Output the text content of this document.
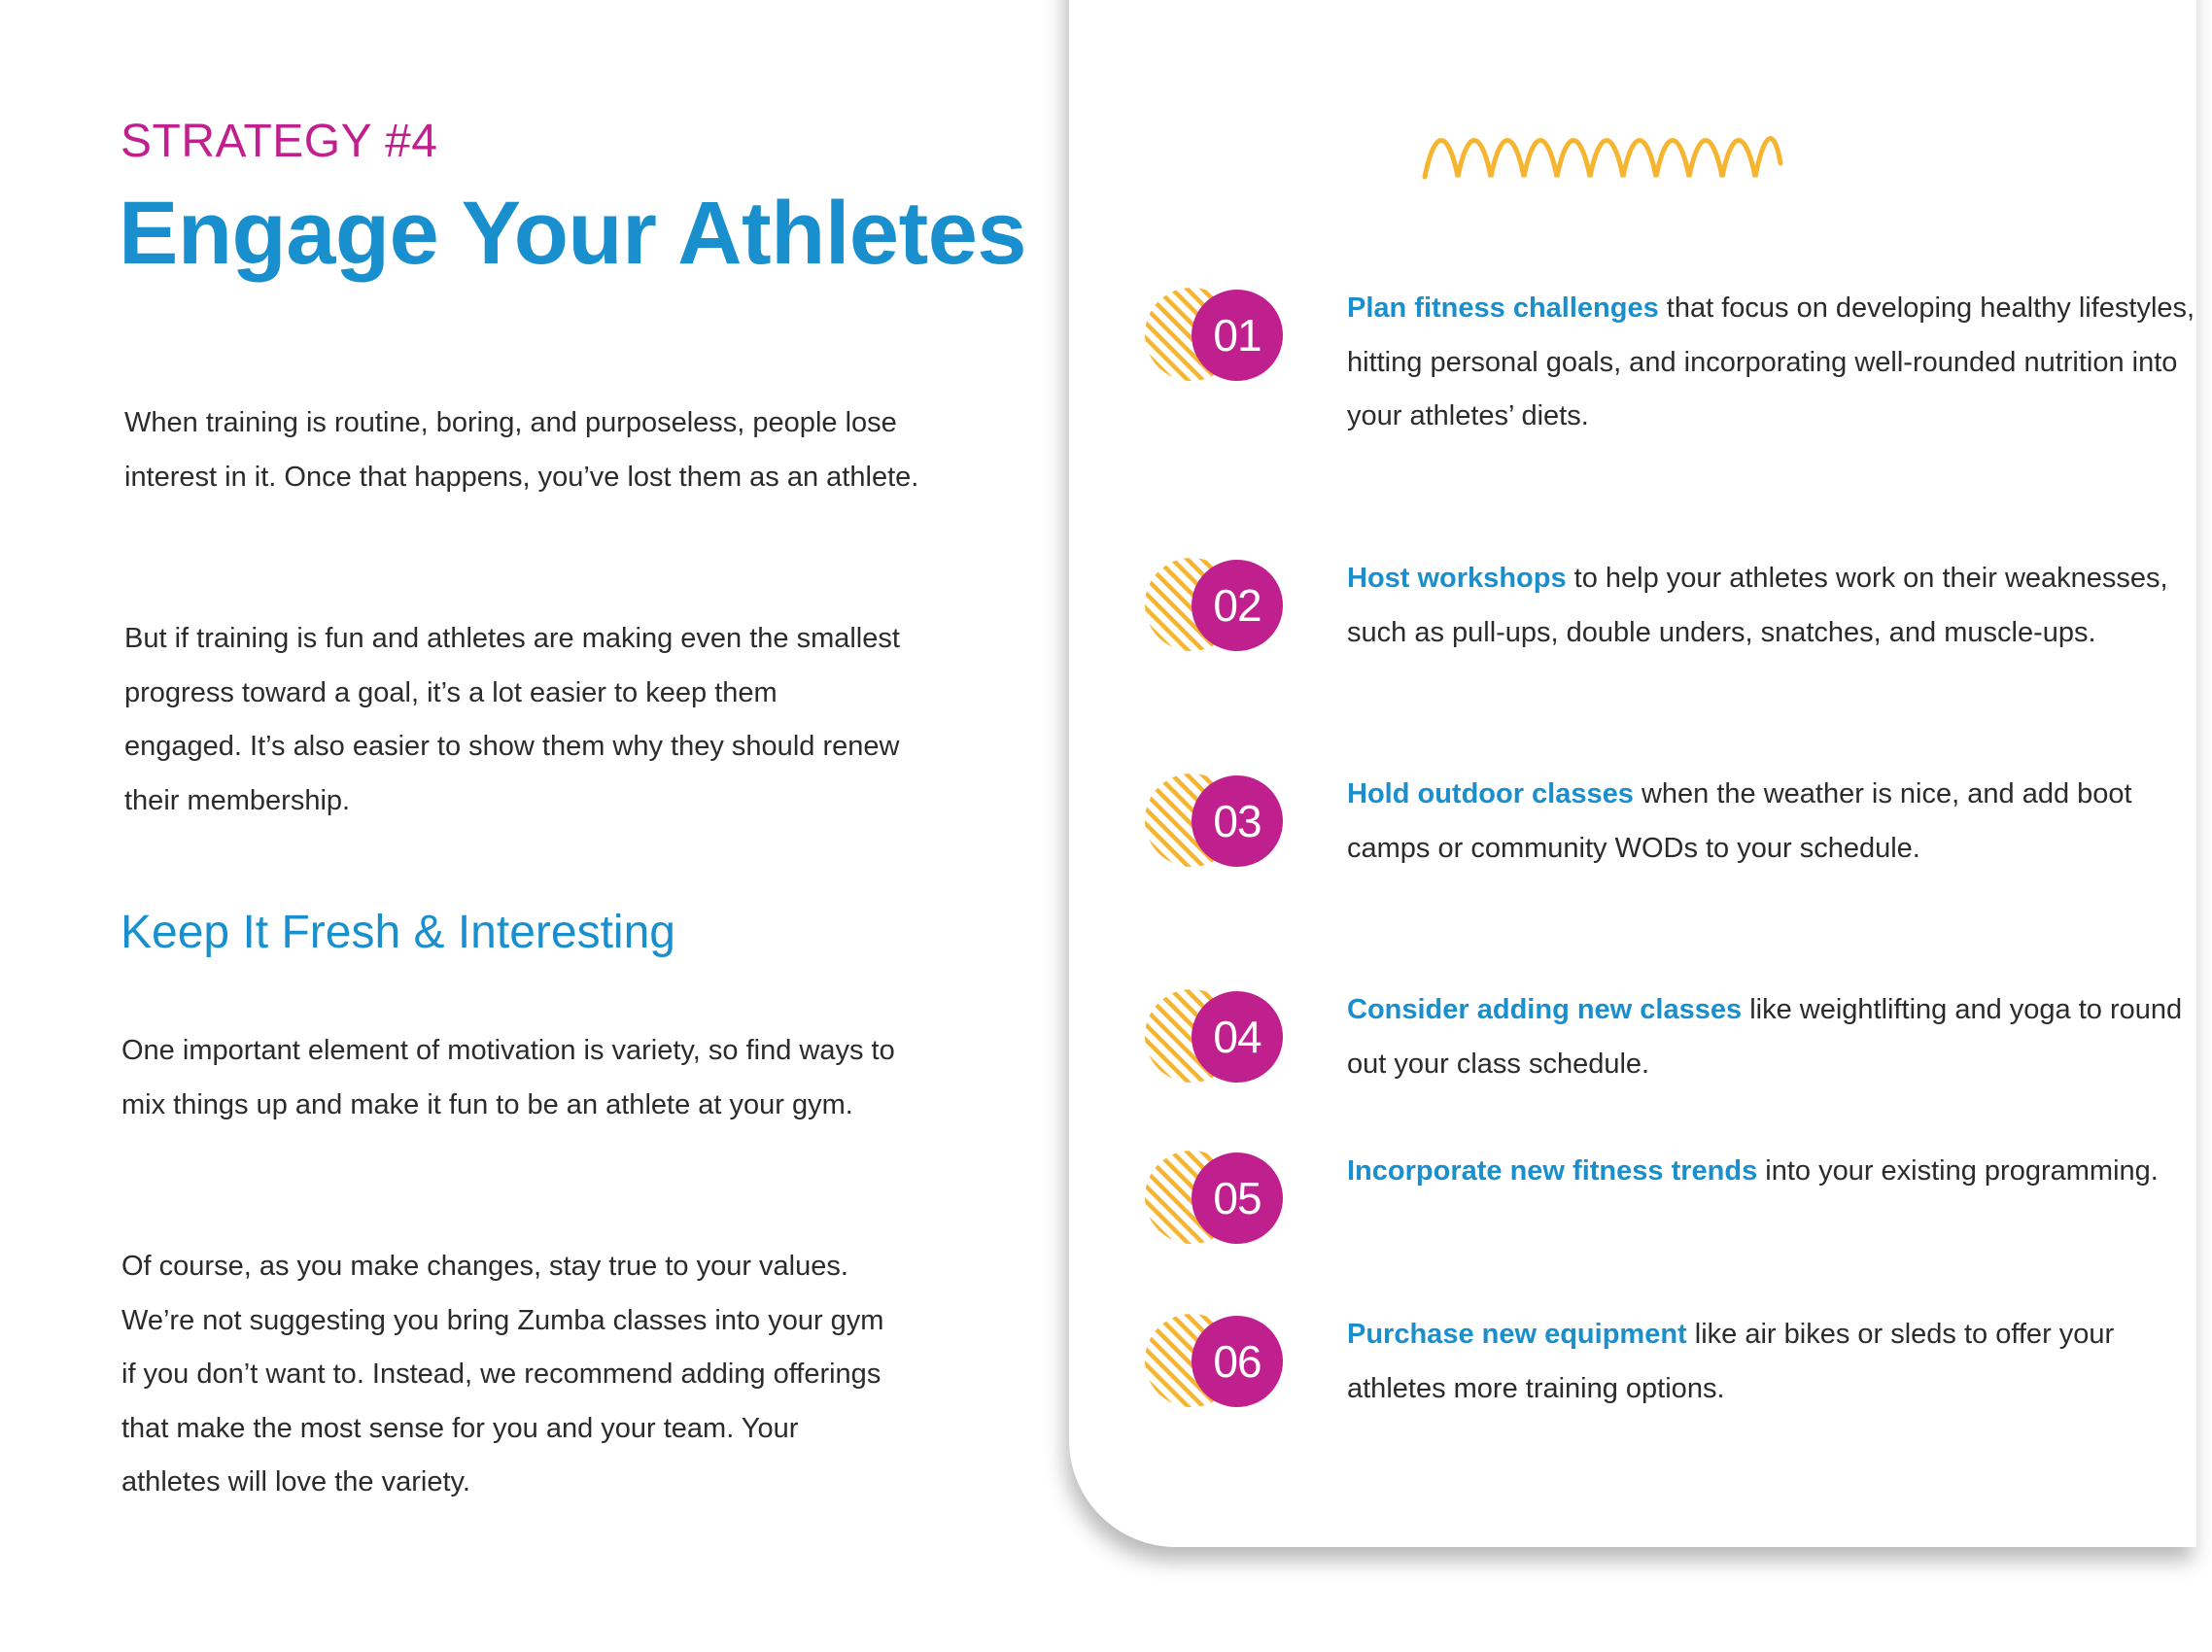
STRATEGY #4
Engage Your Athletes

When training is routine, boring, and purposeless, people lose interest in it. Once that happens, you’ve lost them as an athlete.

But if training is fun and athletes are making even the smallest progress toward a goal, it’s a lot easier to keep them engaged. It’s also easier to show them why they should renew their membership.

Keep It Fresh & Interesting

One important element of motivation is variety, so find ways to mix things up and make it fun to be an athlete at your gym.

Of course, as you make changes, stay true to your values. We’re not suggesting you bring Zumba classes into your gym if you don’t want to. Instead, we recommend adding offerings that make the most sense for you and your team. Your athletes will love the variety.

01

Plan fitness challenges that focus on developing healthy lifestyles, hitting personal goals, and incorporating well-rounded nutrition into your athletes’ diets.

02

Host workshops to help your athletes work on their weaknesses, such as pull-ups, double unders, snatches, and muscle-ups.

03

Hold outdoor classes when the weather is nice, and add boot camps or community WODs to your schedule.

04

Consider adding new classes like weightlifting and yoga to round out your class schedule.

05

Incorporate new fitness trends into your existing programming.

06

Purchase new equipment like air bikes or sleds to offer your athletes more training options.
